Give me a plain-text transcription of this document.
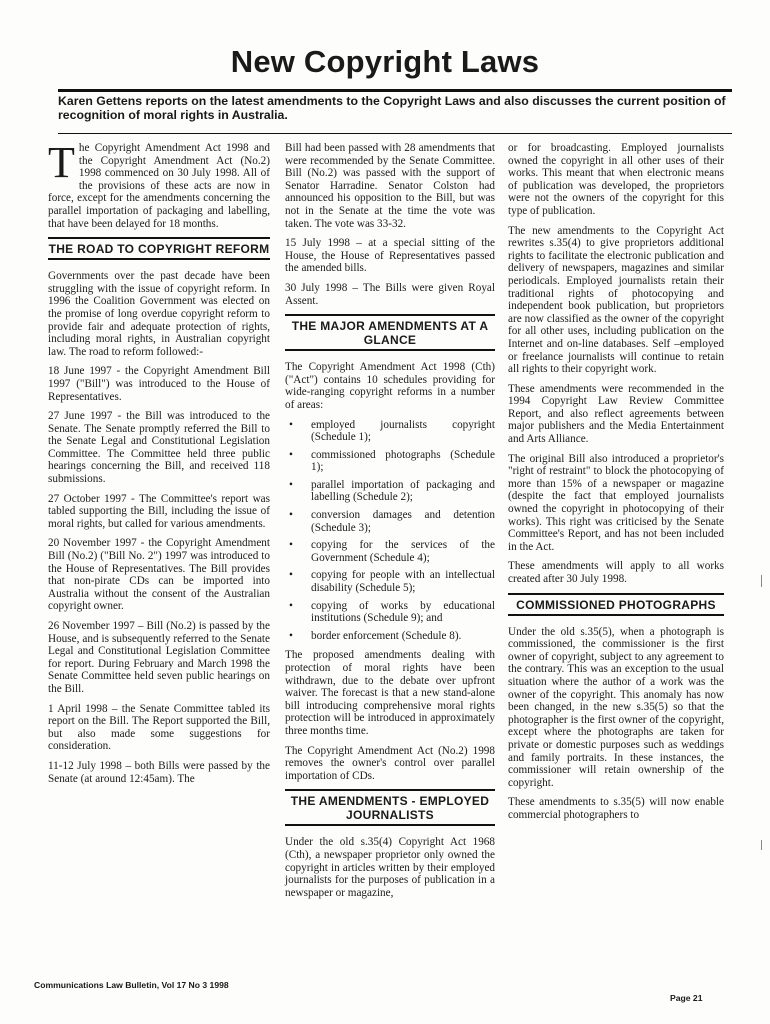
New Copyright Laws
Karen Gettens reports on the latest amendments to the Copyright Laws and also discusses the current position of recognition of moral rights in Australia.

The Copyright Amendment Act 1998 and the Copyright Amendment Act (No.2) 1998 commenced on 30 July 1998. All of the provisions of these acts are now in force, except for the amendments concerning the parallel importation of packaging and labelling, that have been delayed for 18 months.

THE ROAD TO COPYRIGHT REFORM

Governments over the past decade have been struggling with the issue of copyright reform. In 1996 the Coalition Government was elected on the promise of long overdue copyright reform to provide fair and adequate protection of rights, including moral rights, in Australian copyright law. The road to reform followed:-

18 June 1997 - the Copyright Amendment Bill 1997 ("Bill") was introduced to the House of Representatives.

27 June 1997 - the Bill was introduced to the Senate. The Senate promptly referred the Bill to the Senate Legal and Constitutional Legislation Committee. The Committee held three public hearings concerning the Bill, and received 118 submissions.

27 October 1997 - The Committee's report was tabled supporting the Bill, including the issue of moral rights, but called for various amendments.

20 November 1997 - the Copyright Amendment Bill (No.2) ("Bill No. 2") 1997 was introduced to the House of Representatives. The Bill provides that non-pirate CDs can be imported into Australia without the consent of the Australian copyright owner.

26 November 1997 – Bill (No.2) is passed by the House, and is subsequently referred to the Senate Legal and Constitutional Legislation Committee for report. During February and March 1998 the Senate Committee held seven public hearings on the Bill.

1 April 1998 – the Senate Committee tabled its report on the Bill. The Report supported the Bill, but also made some suggestions for consideration.

11-12 July 1998 – both Bills were passed by the Senate (at around 12:45am). The

Bill had been passed with 28 amendments that were recommended by the Senate Committee. Bill (No.2) was passed with the support of Senator Harradine. Senator Colston had announced his opposition to the Bill, but was not in the Senate at the time the vote was taken. The vote was 33-32.

15 July 1998 – at a special sitting of the House, the House of Representatives passed the amended bills.

30 July 1998 – The Bills were given Royal Assent.

THE MAJOR AMENDMENTS AT A GLANCE

The Copyright Amendment Act 1998 (Cth) ("Act") contains 10 schedules providing for wide-ranging copyright reforms in a number of areas:

• employed journalists copyright (Schedule 1);
• commissioned photographs (Schedule 1);
• parallel importation of packaging and labelling (Schedule 2);
• conversion damages and detention (Schedule 3);
• copying for the services of the Government (Schedule 4);
• copying for people with an intellectual disability (Schedule 5);
• copying of works by educational institutions (Schedule 9); and
• border enforcement (Schedule 8).

The proposed amendments dealing with protection of moral rights have been withdrawn, due to the debate over upfront waiver. The forecast is that a new stand-alone bill introducing comprehensive moral rights protection will be introduced in approximately three months time.

The Copyright Amendment Act (No.2) 1998 removes the owner's control over parallel importation of CDs.

THE AMENDMENTS - EMPLOYED JOURNALISTS

Under the old s.35(4) Copyright Act 1968 (Cth), a newspaper proprietor only owned the copyright in articles written by their employed journalists for the purposes of publication in a newspaper or magazine,

or for broadcasting. Employed journalists owned the copyright in all other uses of their works. This meant that when electronic means of publication was developed, the proprietors were not the owners of the copyright for this type of publication.

The new amendments to the Copyright Act rewrites s.35(4) to give proprietors additional rights to facilitate the electronic publication and delivery of newspapers, magazines and similar periodicals. Employed journalists retain their traditional rights of photocopying and independent book publication, but proprietors are now classified as the owner of the copyright for all other uses, including publication on the Internet and on-line databases. Self –employed or freelance journalists will continue to retain all rights to their copyright work.

These amendments were recommended in the 1994 Copyright Law Review Committee Report, and also reflect agreements between major publishers and the Media Entertainment and Arts Alliance.

The original Bill also introduced a proprietor's "right of restraint" to block the photocopying of more than 15% of a newspaper or magazine (despite the fact that employed journalists owned the copyright in photocopying of their works). This right was criticised by the Senate Committee's Report, and has not been included in the Act.

These amendments will apply to all works created after 30 July 1998.

COMMISSIONED PHOTOGRAPHS

Under the old s.35(5), when a photograph is commissioned, the commissioner is the first owner of copyright, subject to any agreement to the contrary. This was an exception to the usual situation where the author of a work was the owner of the copyright. This anomaly has now been changed, in the new s.35(5) so that the photographer is the first owner of the copyright, except where the photographs are taken for private or domestic purposes such as weddings and family portraits. In these instances, the commissioner will retain ownership of the copyright.

These amendments to s.35(5) will now enable commercial photographers to

Communications Law Bulletin, Vol 17 No 3 1998
Page 21
